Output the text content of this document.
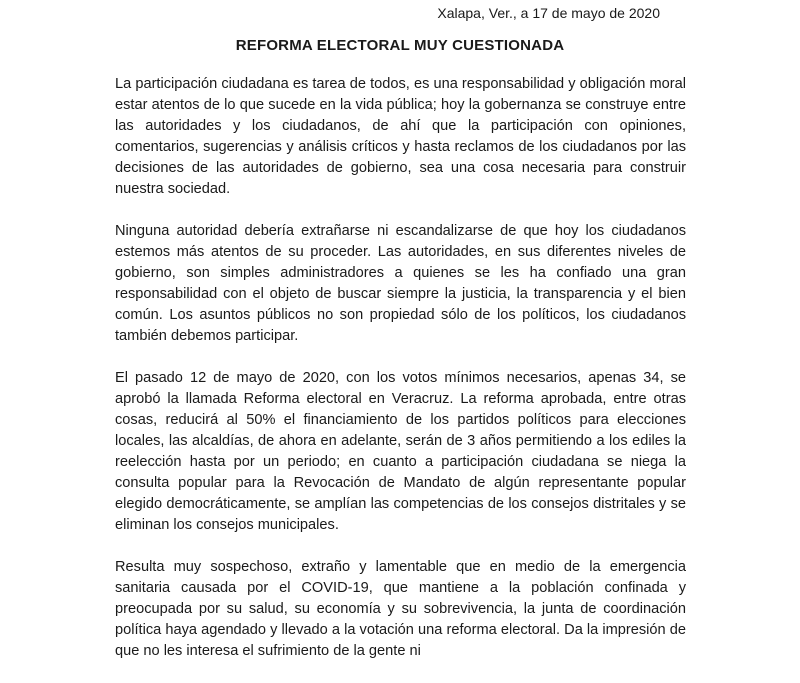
Xalapa, Ver., a 17 de mayo de 2020
REFORMA ELECTORAL MUY CUESTIONADA

La participación ciudadana es tarea de todos, es una responsabilidad y obligación moral estar atentos de lo que sucede en la vida pública; hoy la gobernanza se construye entre las autoridades y los ciudadanos, de ahí que la participación con opiniones, comentarios, sugerencias y análisis críticos y hasta reclamos de los ciudadanos por las decisiones de las autoridades de gobierno, sea una cosa necesaria para construir nuestra sociedad.

Ninguna autoridad debería extrañarse ni escandalizarse de que hoy los ciudadanos estemos más atentos de su proceder. Las autoridades, en sus diferentes niveles de gobierno, son simples administradores a quienes se les ha confiado una gran responsabilidad con el objeto de buscar siempre la justicia, la transparencia y el bien común. Los asuntos públicos no son propiedad sólo de los políticos, los ciudadanos también debemos participar.

El pasado 12 de mayo de 2020, con los votos mínimos necesarios, apenas 34, se aprobó la llamada Reforma electoral en Veracruz. La reforma aprobada, entre otras cosas, reducirá al 50% el financiamiento de los partidos políticos para elecciones locales, las alcaldías, de ahora en adelante, serán de 3 años permitiendo a los ediles la reelección hasta por un periodo; en cuanto a participación ciudadana se niega la consulta popular para la Revocación de Mandato de algún representante popular elegido democráticamente, se amplían las competencias de los consejos distritales y se eliminan los consejos municipales.

Resulta muy sospechoso, extraño y lamentable que en medio de la emergencia sanitaria causada por el COVID-19, que mantiene a la población confinada y preocupada por su salud, su economía y su sobrevivencia, la junta de coordinación política haya agendado y llevado a la votación una reforma electoral. Da la impresión de que no les interesa el sufrimiento de la gente ni
